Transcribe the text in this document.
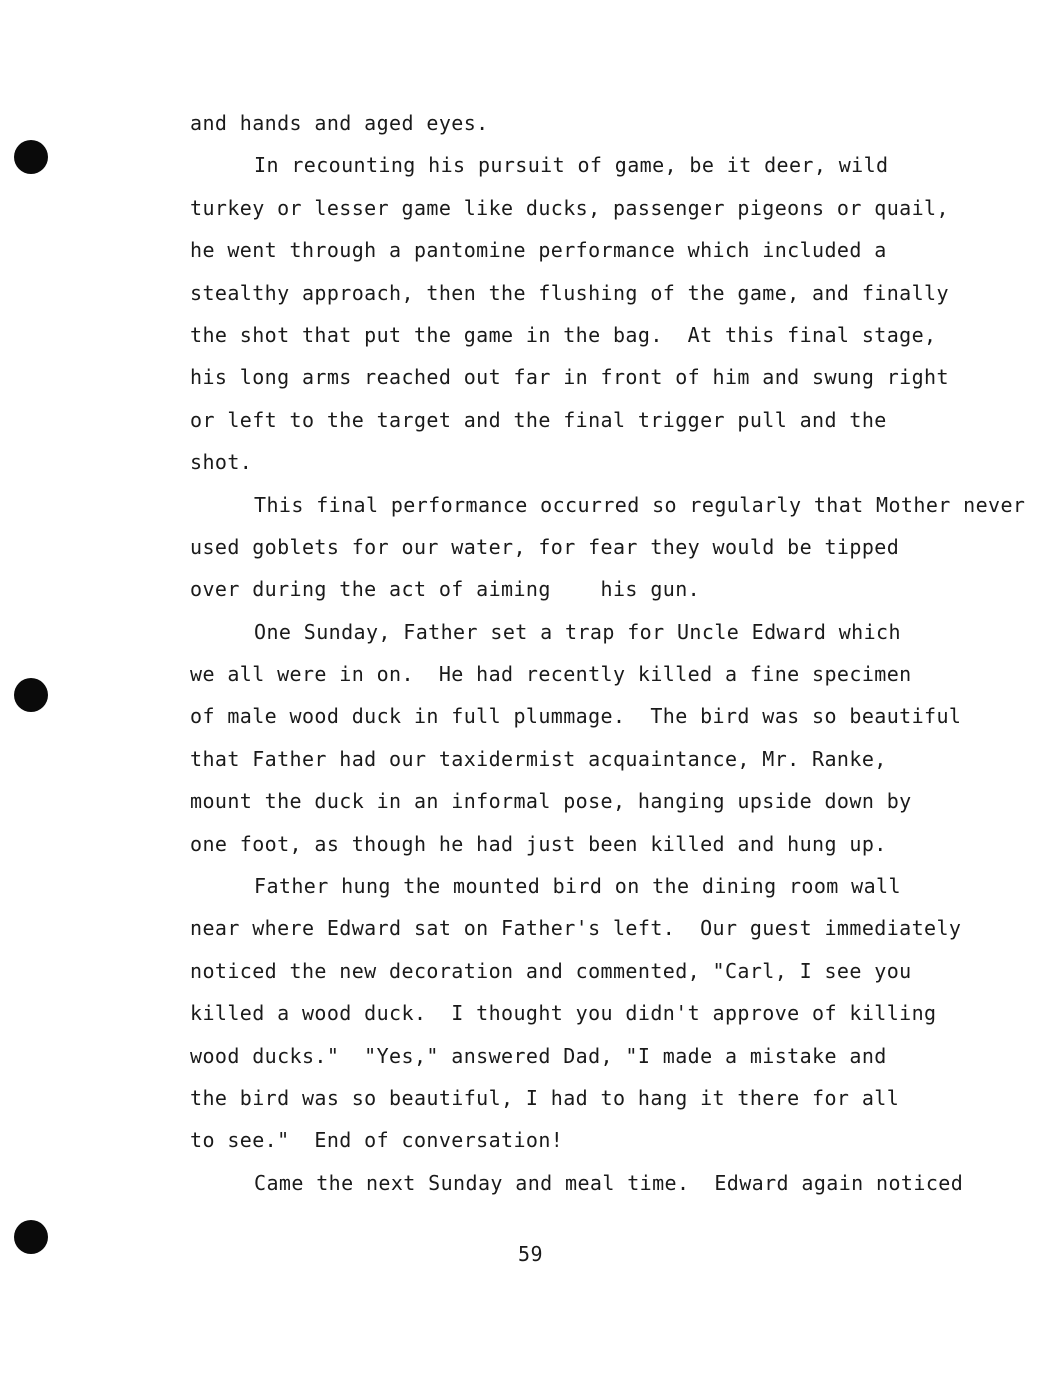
and hands and aged eyes.
In recounting his pursuit of game, be it deer, wild
turkey or lesser game like ducks, passenger pigeons or quail,
he went through a pantomine performance which included a
stealthy approach, then the flushing of the game, and finally
the shot that put the game in the bag.  At this final stage,
his long arms reached out far in front of him and swung right
or left to the target and the final trigger pull and the
shot.
This final performance occurred so regularly that Mother never
used goblets for our water, for fear they would be tipped
over during the act of aiming    his gun.
One Sunday, Father set a trap for Uncle Edward which
we all were in on.  He had recently killed a fine specimen
of male wood duck in full plummage.  The bird was so beautiful
that Father had our taxidermist acquaintance, Mr. Ranke,
mount the duck in an informal pose, hanging upside down by
one foot, as though he had just been killed and hung up.
Father hung the mounted bird on the dining room wall
near where Edward sat on Father's left.  Our guest immediately
noticed the new decoration and commented, "Carl, I see you
killed a wood duck.  I thought you didn't approve of killing
wood ducks."  "Yes," answered Dad, "I made a mistake and
the bird was so beautiful, I had to hang it there for all
to see."  End of conversation!
Came the next Sunday and meal time.  Edward again noticed
59
